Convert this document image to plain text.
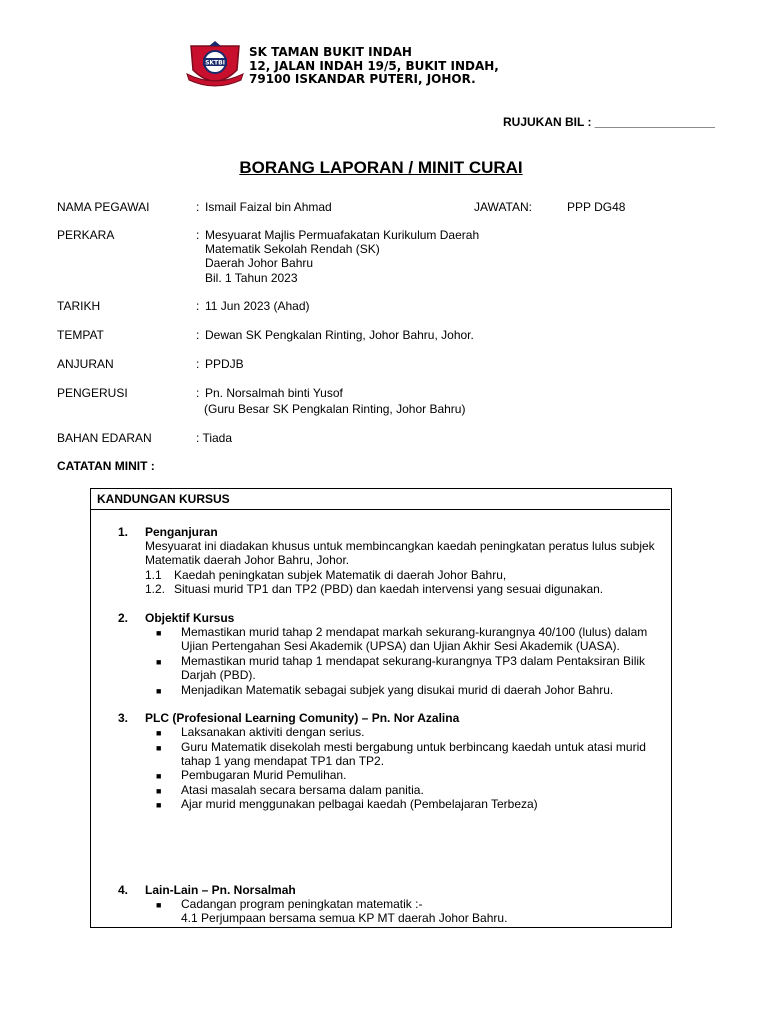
SKTBI
SK TAMAN BUKIT INDAH
12, JALAN INDAH 19/5, BUKIT INDAH,
79100 ISKANDAR PUTERI, JOHOR.
RUJUKAN BIL : __________________
BORANG LAPORAN / MINIT CURAI
NAMA PEGAWAI	: Ismail Faizal bin Ahmad	JAWATAN:	PPP DG48
PERKARA	: Mesyuarat Majlis Permuafakatan Kurikulum Daerah
Matematik Sekolah Rendah (SK)
Daerah Johor Bahru
Bil. 1 Tahun 2023
TARIKH	: 11 Jun 2023 (Ahad)
TEMPAT	: Dewan SK Pengkalan Rinting, Johor Bahru, Johor.
ANJURAN	: PPDJB
PENGERUSI	: Pn. Norsalmah binti Yusof
(Guru Besar SK Pengkalan Rinting, Johor Bahru)
BAHAN EDARAN	: Tiada
CATATAN MINIT :
KANDUNGAN KURSUS
1. Penganjuran
Mesyuarat ini diadakan khusus untuk membincangkan kaedah peningkatan peratus lulus subjek Matematik daerah Johor Bahru, Johor.
1.1 Kaedah peningkatan subjek Matematik di daerah Johor Bahru,
1.2. Situasi murid TP1 dan TP2 (PBD) dan kaedah intervensi yang sesuai digunakan.
2. Objektif Kursus
■ Memastikan murid tahap 2 mendapat markah sekurang-kurangnya 40/100 (lulus) dalam Ujian Pertengahan Sesi Akademik (UPSA) dan Ujian Akhir Sesi Akademik (UASA).
■ Memastikan murid tahap 1 mendapat sekurang-kurangnya TP3 dalam Pentaksiran Bilik Darjah (PBD).
■ Menjadikan Matematik sebagai subjek yang disukai murid di daerah Johor Bahru.
3. PLC (Profesional Learning Comunity) – Pn. Nor Azalina
■ Laksanakan aktiviti dengan serius.
■ Guru Matematik disekolah mesti bergabung untuk berbincang kaedah untuk atasi murid tahap 1 yang mendapat TP1 dan TP2.
■ Pembugaran Murid Pemulihan.
■ Atasi masalah secara bersama dalam panitia.
■ Ajar murid menggunakan pelbagai kaedah (Pembelajaran Terbeza)
4. Lain-Lain – Pn. Norsalmah
■ Cadangan program peningkatan matematik :-
4.1 Perjumpaan bersama semua KP MT daerah Johor Bahru.
